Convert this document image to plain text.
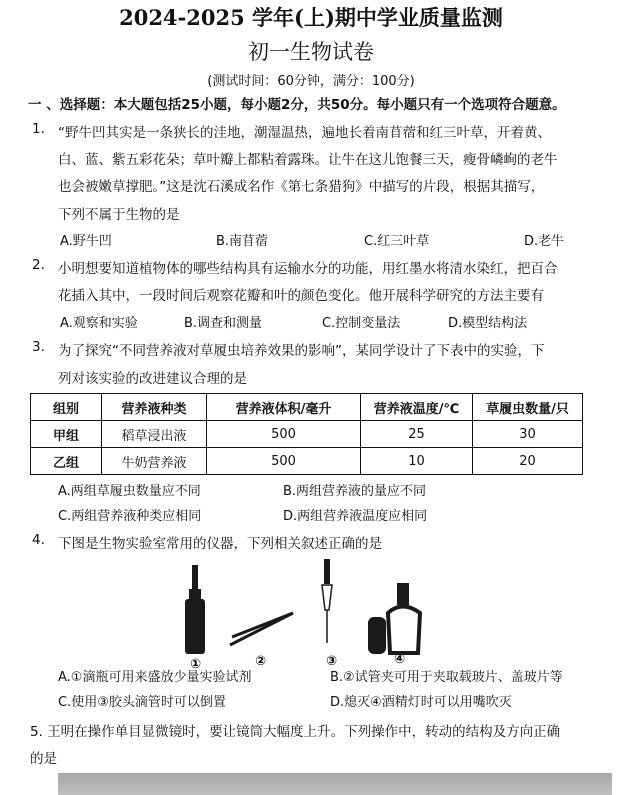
2024-2025 学年(上)期中学业质量监测
初一生物试卷
(测试时间：60分钟，满分：100分)
一 、选择题：本大题包括25小题，每小题2分，共50分。每小题只有一个选项符合题意。
1. “野牛凹其实是一条狭长的洼地，潮湿温热，遍地长着南苜蓿和红三叶草，开着黄、
白、蓝、紫五彩花朵；草叶瓣上都粘着露珠。让牛在这儿饱餐三天，瘦骨嶙峋的老牛
也会被嫩草撑肥。”这是沈石溪成名作《第七条猎狗》中描写的片段，根据其描写，
下列不属于生物的是
A.野牛凹	B.南苜蓿	C.红三叶草	D.老牛
2. 小明想要知道植物体的哪些结构具有运输水分的功能，用红墨水将清水染红，把百合
花插入其中，一段时间后观察花瓣和叶的颜色变化。他开展科学研究的方法主要有
A.观察和实验	B.调查和测量	C.控制变量法	D.模型结构法
3. 为了探究“不同营养液对草履虫培养效果的影响”，某同学设计了下表中的实验，下
列对该实验的改进建议合理的是
组别	营养液种类	营养液体积/毫升	营养液温度/℃	草履虫数量/只
甲组	稻草浸出液	500	25	30
乙组	牛奶营养液	500	10	20
A.两组草履虫数量应不同	B.两组营养液的量应不同
C.两组营养液种类应相同	D.两组营养液温度应相同
4. 下图是生物实验室常用的仪器，下列相关叙述正确的是
①	②	③	④
A.①滴瓶可用来盛放少量实验试剂	B.②试管夹可用于夹取载玻片、盖玻片等
C.使用③胶头滴管时可以倒置	D.熄灭④酒精灯时可以用嘴吹灭
5. 王明在操作单目显微镜时，要让镜筒大幅度上升。下列操作中，转动的结构及方向正确
的是
